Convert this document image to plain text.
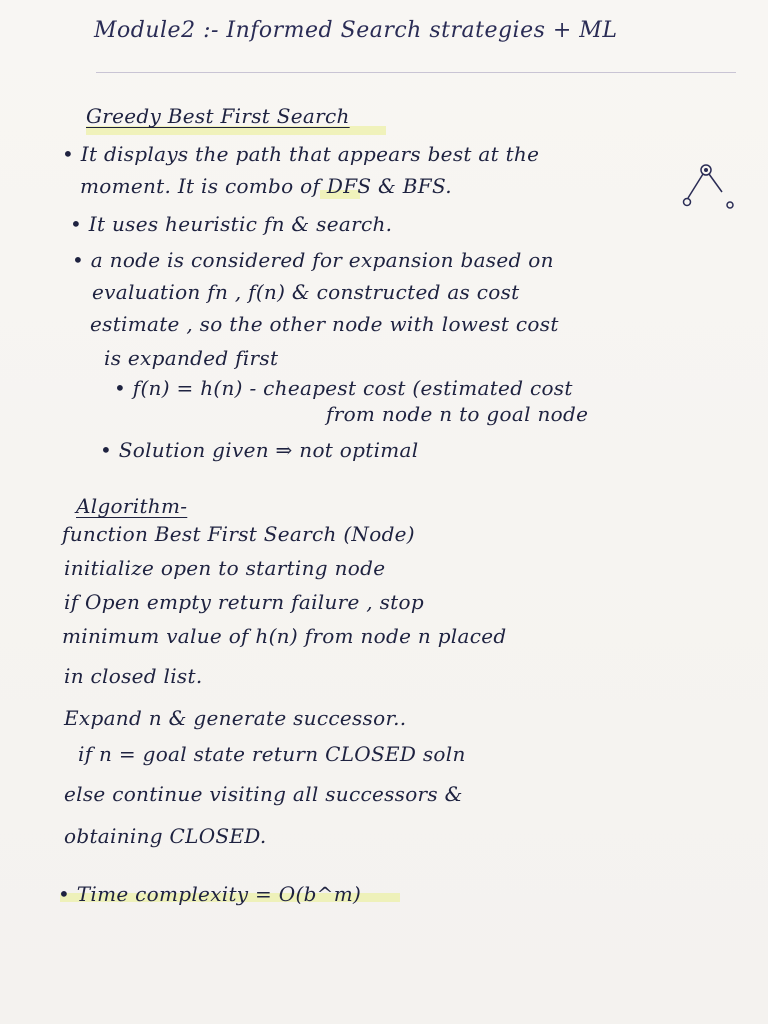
Module2 :- Informed Search strategies + ML
Greedy Best First Search
• It displays the path that appears best at the
moment. It is combo of DFS & BFS.
• It uses heuristic fn & search.
• a node is considered for expansion based on
evaluation fn , f(n) & constructed as cost
estimate , so the other node with lowest cost
is expanded first
• f(n) = h(n) - cheapest cost (estimated cost
from node n to goal node
• Solution given ⇒ not optimal
Algorithm-
function Best First Search (Node)
initialize open to starting node
if Open empty return failure , stop
minimum value of h(n) from node n placed
in closed list.
Expand n & generate successor..
if n = goal state return CLOSED soln
else continue visiting all successors &
obtaining CLOSED.
• Time complexity = O(b^m)
